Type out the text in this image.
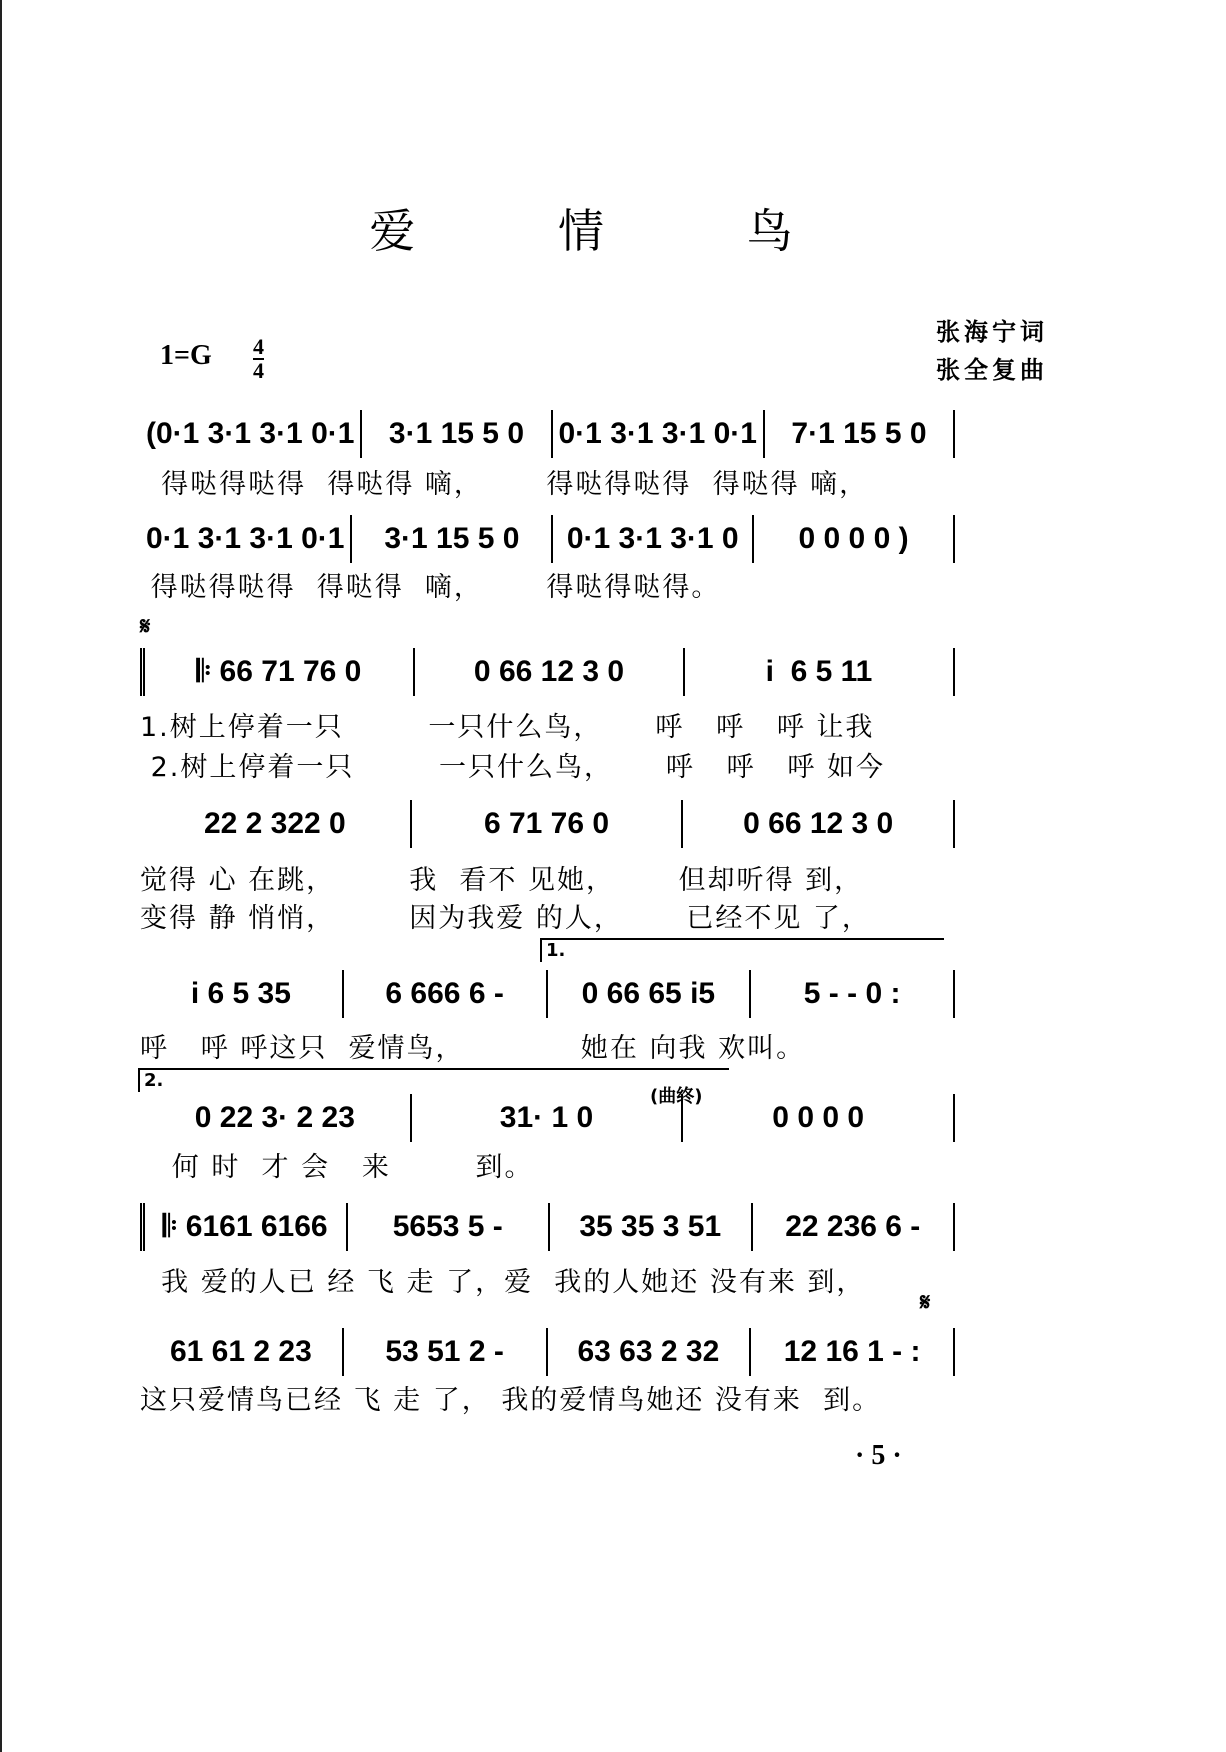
爱 情 鸟
张海宁词
张全复曲
1=G 4
4
𝄋
𝄋
1.
2.
(曲终)
(0·1 3·1 3·1 0·1	3·1 15 5 0	0·1 3·1 3·1 0·1	7·1 15 5 0
得哒得哒得  得哒得 嘀，      得哒得哒得  得哒得 嘀，
0·1 3·1 3·1 0·1	3·1 15 5 0	0·1 3·1 3·1 0	0 0 0 0 )
得哒得哒得  得哒得  嘀，      得哒得哒得。
𝄆 66 71 76 0	0 66 12 3 0	i  6 5 11
1.树上停着一只        一只什么鸟，     呼   呼   呼 让我
2.树上停着一只        一只什么鸟，     呼   呼   呼 如今
22 2 322 0	6 71 76 0	0 66 12 3 0
觉得 心 在跳，       我  看不 见她，      但却听得 到，
变得 静 悄悄，       因为我爱 的人，      已经不见 了，
i 6 5 35	6 666 6 -	0 66 65 i5	5 - - 0 :
呼   呼 呼这只  爱情鸟，           她在 向我 欢叫。
0 22 3· 2 23	31· 1 0	0 0 0 0
何 时  才 会   来        到。
𝄆 6161 6166	5653 5 -	35 35 3 51	22 236 6 -
我 爱的人已 经 飞 走 了，爱  我的人她还 没有来 到，
61 61 2 23	53 51 2 -	63 63 2 32	12 16 1 - :
这只爱情鸟已经 飞 走 了， 我的爱情鸟她还 没有来  到。
· 5 ·
